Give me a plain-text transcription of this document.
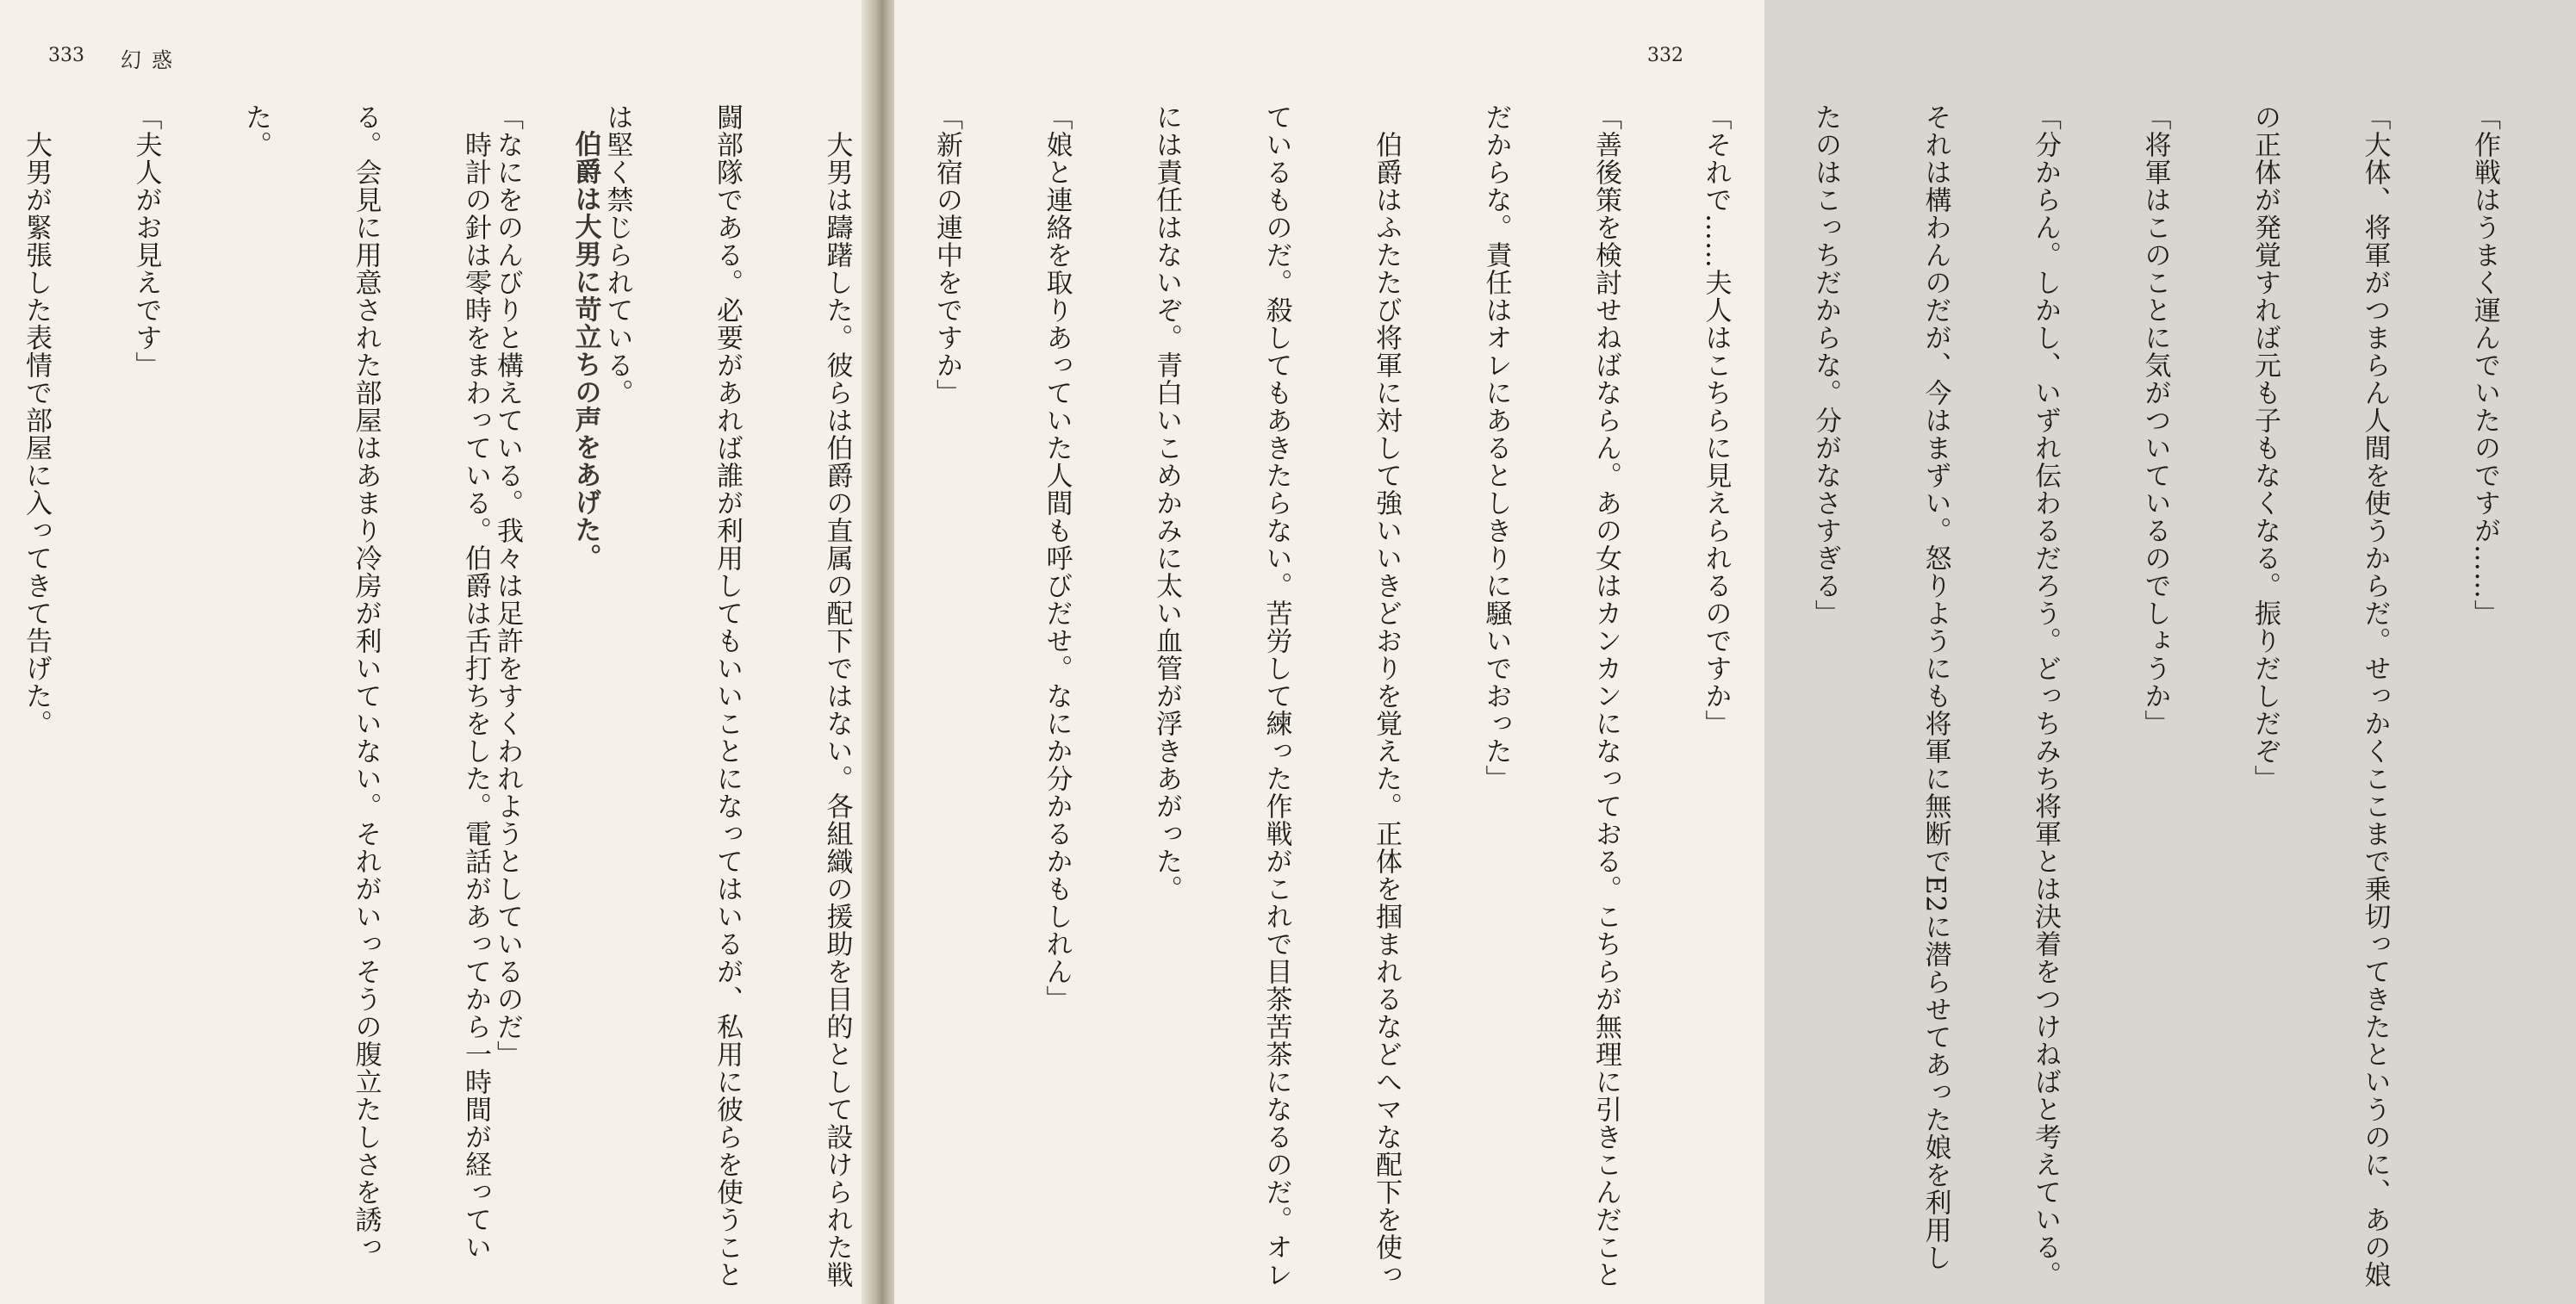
333 幻惑

伯爵は大男に苛立ちの声をあげた。

　時計の針は零時をまわっている。伯爵は舌打ちをした。電話があってから一時間が経ってい

る。会見に用意された部屋はあまり冷房が利いていない。それがいっそうの腹立たしさを誘っ

た。

「夫人がお見えです」

　大男が緊張した表情で部屋に入ってきて告げた。

	「作戦はうまく運んでいたのですが……」

「大体、将軍がつまらん人間を使うからだ。せっかくここまで乗切ってきたというのに、あの娘

の正体が発覚すれば元も子もなくなる。振りだしだぞ」

「将軍はこのことに気がついているのでしょうか」

「分からん。しかし、いずれ伝わるだろう。どっちみち将軍とは決着をつけねばと考えている。

それは構わんのだが、今はまずい。怒りようにも将軍に無断でE2に潜らせてあった娘を利用し

たのはこっちだからな。分がなさすぎる」

「それで……夫人はこちらに見えられるのですか」

「善後策を検討せねばならん。あの女はカンカンになっておる。こちらが無理に引きこんだこと

だからな。責任はオレにあるとしきりに騒いでおった」

　伯爵はふたたび将軍に対して強いいきどおりを覚えた。正体を掴まれるなどへマな配下を使っ

ているものだ。殺してもあきたらない。苦労して練った作戦がこれで目茶苦茶になるのだ。オレ

には責任はないぞ。青白いこめかみに太い血管が浮きあがった。

「娘と連絡を取りあっていた人間も呼びだせ。なにか分かるかもしれん」

「新宿の連中をですか」

　大男は躊躇した。彼らは伯爵の直属の配下ではない。各組織の援助を目的として設けられた戦

闘部隊である。必要があれば誰が利用してもいいことになってはいるが、私用に彼らを使うこと

は堅く禁じられている。

「なにをのんびりと構えている。我々は足許をすくわれようとしているのだ」

332
